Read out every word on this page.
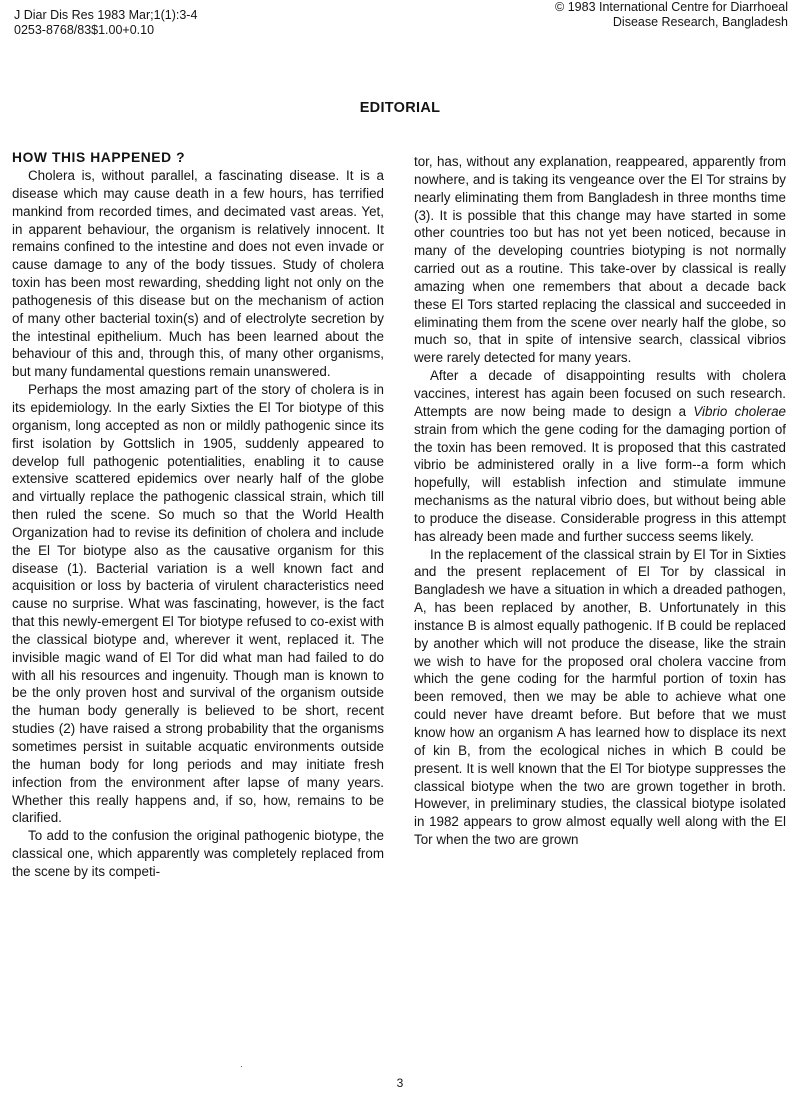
J Diar Dis Res 1983 Mar;1(1):3-4
0253-8768/83$1.00+0.10
© 1983 International Centre for Diarrhoeal
Disease Research, Bangladesh
EDITORIAL
HOW THIS HAPPENED ?

Cholera is, without parallel, a fascinating disease. It is a disease which may cause death in a few hours, has terrified mankind from recorded times, and decimated vast areas. Yet, in apparent behaviour, the organism is relatively innocent. It remains confined to the intestine and does not even invade or cause damage to any of the body tissues. Study of cholera toxin has been most rewarding, shedding light not only on the pathogenesis of this disease but on the mechanism of action of many other bacterial toxin(s) and of electrolyte secretion by the intestinal epithelium. Much has been learned about the behaviour of this and, through this, of many other organisms, but many fundamental questions remain unanswered.

Perhaps the most amazing part of the story of cholera is in its epidemiology. In the early Sixties the El Tor biotype of this organism, long accepted as non or mildly pathogenic since its first isolation by Gottslich in 1905, suddenly appeared to develop full pathogenic potentialities, enabling it to cause extensive scattered epidemics over nearly half of the globe and virtually replace the pathogenic classical strain, which till then ruled the scene. So much so that the World Health Organization had to revise its definition of cholera and include the El Tor biotype also as the causative organism for this disease (1). Bacterial variation is a well known fact and acquisition or loss by bacteria of virulent characteristics need cause no surprise. What was fascinating, however, is the fact that this newly-emergent El Tor biotype refused to co-exist with the classical biotype and, wherever it went, replaced it. The invisible magic wand of El Tor did what man had failed to do with all his resources and ingenuity. Though man is known to be the only proven host and survival of the organism outside the human body generally is believed to be short, recent studies (2) have raised a strong probability that the organisms sometimes persist in suitable acquatic environments outside the human body for long periods and may initiate fresh infection from the environment after lapse of many years. Whether this really happens and, if so, how, remains to be clarified.

To add to the confusion the original pathogenic biotype, the classical one, which apparently was completely replaced from the scene by its competi-

tor, has, without any explanation, reappeared, apparently from nowhere, and is taking its vengeance over the El Tor strains by nearly eliminating them from Bangladesh in three months time (3). It is possible that this change may have started in some other countries too but has not yet been noticed, because in many of the developing countries biotyping is not normally carried out as a routine. This take-over by classical is really amazing when one remembers that about a decade back these El Tors started replacing the classical and succeeded in eliminating them from the scene over nearly half the globe, so much so, that in spite of intensive search, classical vibrios were rarely detected for many years.

After a decade of disappointing results with cholera vaccines, interest has again been focused on such research. Attempts are now being made to design a Vibrio cholerae strain from which the gene coding for the damaging portion of the toxin has been removed. It is proposed that this castrated vibrio be administered orally in a live form--a form which hopefully, will establish infection and stimulate immune mechanisms as the natural vibrio does, but without being able to produce the disease. Considerable progress in this attempt has already been made and further success seems likely.

In the replacement of the classical strain by El Tor in Sixties and the present replacement of El Tor by classical in Bangladesh we have a situation in which a dreaded pathogen, A, has been replaced by another, B. Unfortunately in this instance B is almost equally pathogenic. If B could be replaced by another which will not produce the disease, like the strain we wish to have for the proposed oral cholera vaccine from which the gene coding for the harmful portion of toxin has been removed, then we may be able to achieve what one could never have dreamt before. But before that we must know how an organism A has learned how to displace its next of kin B, from the ecological niches in which B could be present. It is well known that the El Tor biotype suppresses the classical biotype when the two are grown together in broth. However, in preliminary studies, the classical biotype isolated in 1982 appears to grow almost equally well along with the El Tor when the two are grown

·
3
